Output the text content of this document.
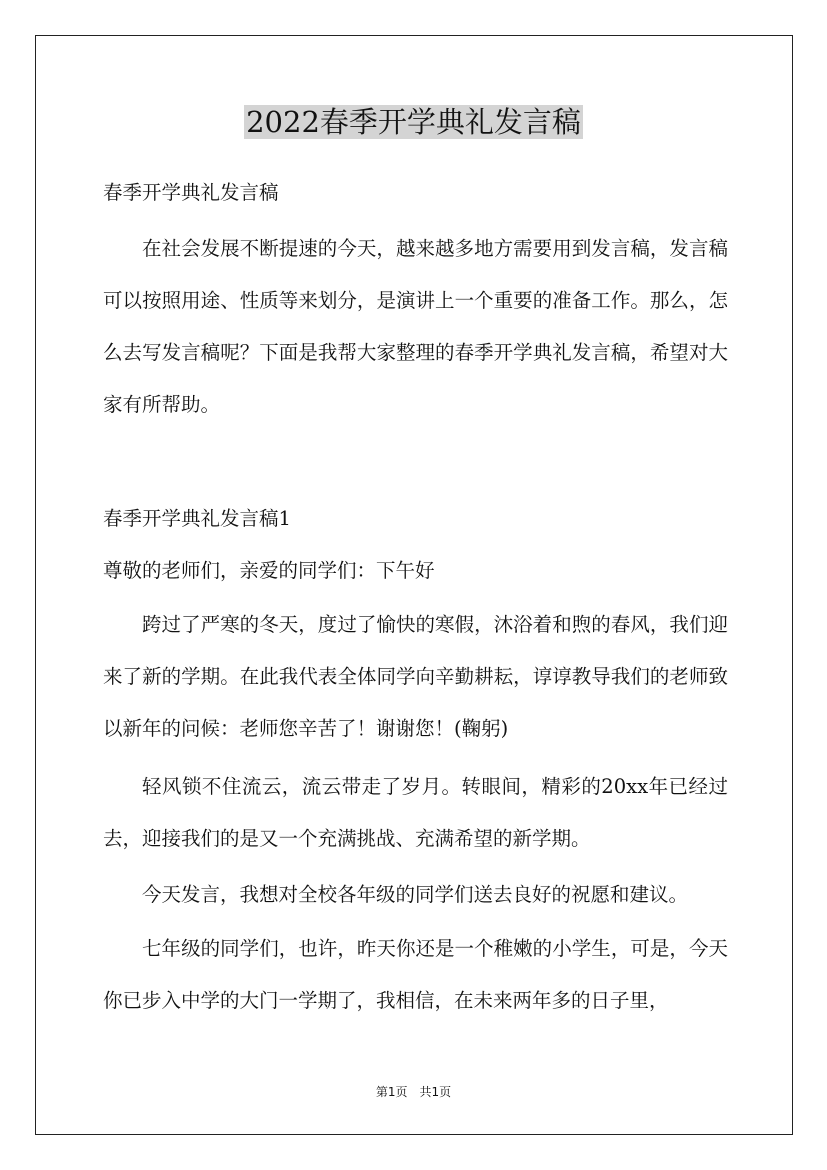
2022春季开学典礼发言稿

春季开学典礼发言稿

在社会发展不断提速的今天，越来越多地方需要用到发言稿，发言稿可以按照用途、性质等来划分，是演讲上一个重要的准备工作。那么，怎么去写发言稿呢？下面是我帮大家整理的春季开学典礼发言稿，希望对大家有所帮助。

春季开学典礼发言稿1

尊敬的老师们，亲爱的同学们：下午好

跨过了严寒的冬天，度过了愉快的寒假，沐浴着和煦的春风，我们迎来了新的学期。在此我代表全体同学向辛勤耕耘，谆谆教导我们的老师致以新年的问候：老师您辛苦了！谢谢您！(鞠躬)

轻风锁不住流云，流云带走了岁月。转眼间，精彩的20xx年已经过去，迎接我们的是又一个充满挑战、充满希望的新学期。

今天发言，我想对全校各年级的同学们送去良好的祝愿和建议。

七年级的同学们，也许，昨天你还是一个稚嫩的小学生，可是，今天你已步入中学的大门一学期了，我相信，在未来两年多的日子里，

第1页 共1页
